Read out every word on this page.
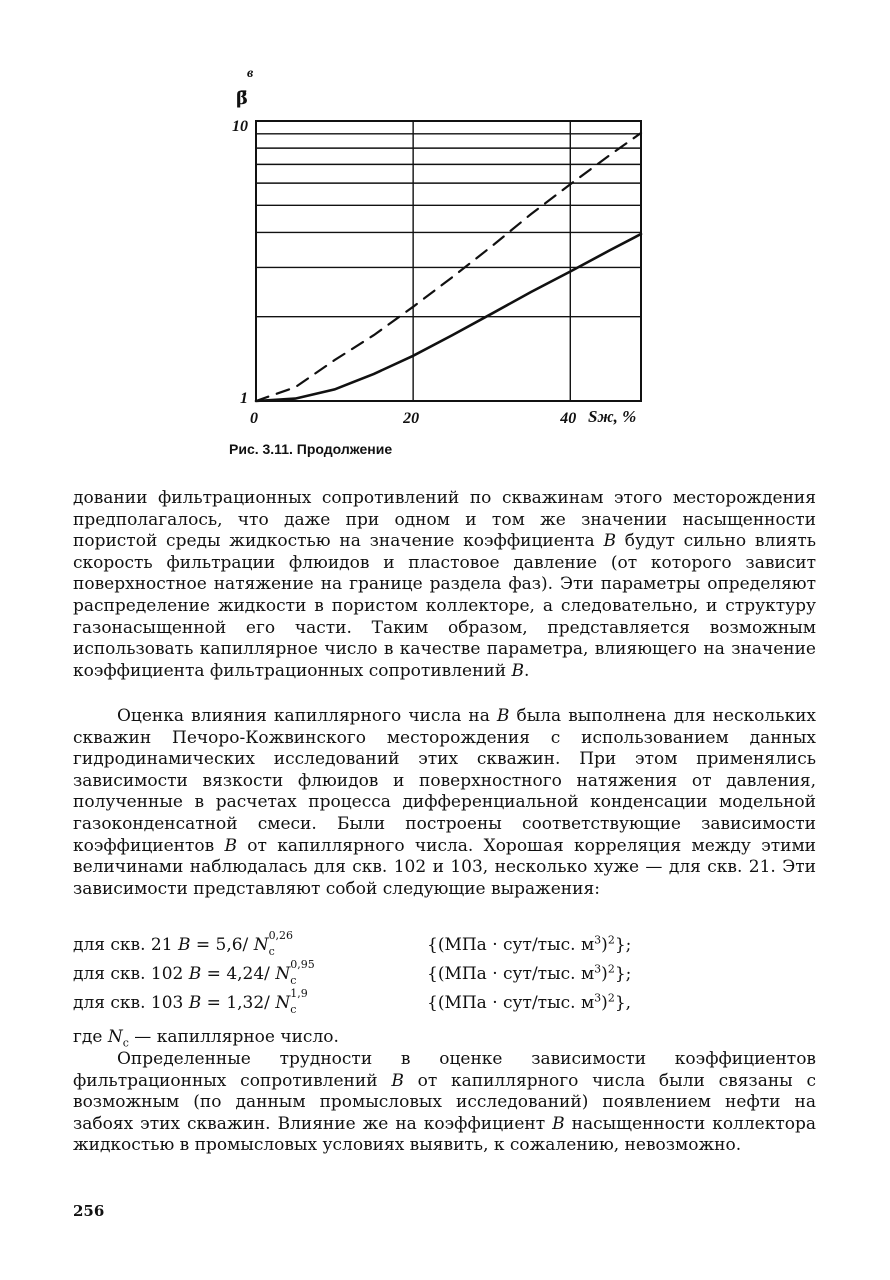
1
10
0	20	40
в
β̄
Sж, %
Рис. 3.11. Продолжение
довании фильтрационных сопротивлений по скважинам этого месторождения предполагалось, что даже при одном и том же значении насыщенности пористой среды жидкостью на значение коэффициента B будут сильно влиять скорость фильтрации флюидов и пластовое давление (от которого зависит поверхностное натяжение на границе раздела фаз). Эти параметры определяют распределение жидкости в пористом коллекторе, а следовательно, и структуру газонасыщенной его части. Таким образом, представляется возможным использовать капиллярное число в качестве параметра, влияющего на значение коэффициента фильтрационных сопротивлений B.
Оценка влияния капиллярного числа на B была выполнена для нескольких скважин Печоро-Кожвинского месторождения с использованием данных гидродинамических исследований этих скважин. При этом применялись зависимости вязкости флюидов и поверхностного натяжения от давления, полученные в расчетах процесса дифференциальной конденсации модельной газоконденсатной смеси. Были построены соответствующие зависимости коэффициентов B от капиллярного числа. Хорошая корреляция между этими величинами наблюдалась для скв. 102 и 103, несколько хуже — для скв. 21. Эти зависимости представляют собой следующие выражения:
для скв. 21 B = 5,6/ N 0,26
с	{(МПа · сут/тыс. $м^3)^2$};
для скв. 102 B = 4,24/ N 0,95
с	{(МПа · сут/тыс. $м^3)^2$};
для скв. 103 B = 1,32/ N 1,9
с	{(МПа · сут/тыс. $м^3)^2$},
где $N_с$ — капиллярное число.
Определенные трудности в оценке зависимости коэффициентов фильтрационных сопротивлений B от капиллярного числа были связаны с возможным (по данным промысловых исследований) появлением нефти на забоях этих скважин. Влияние же на коэффициент B насыщенности коллектора жидкостью в промысловых условиях выявить, к сожалению, невозможно.
256
